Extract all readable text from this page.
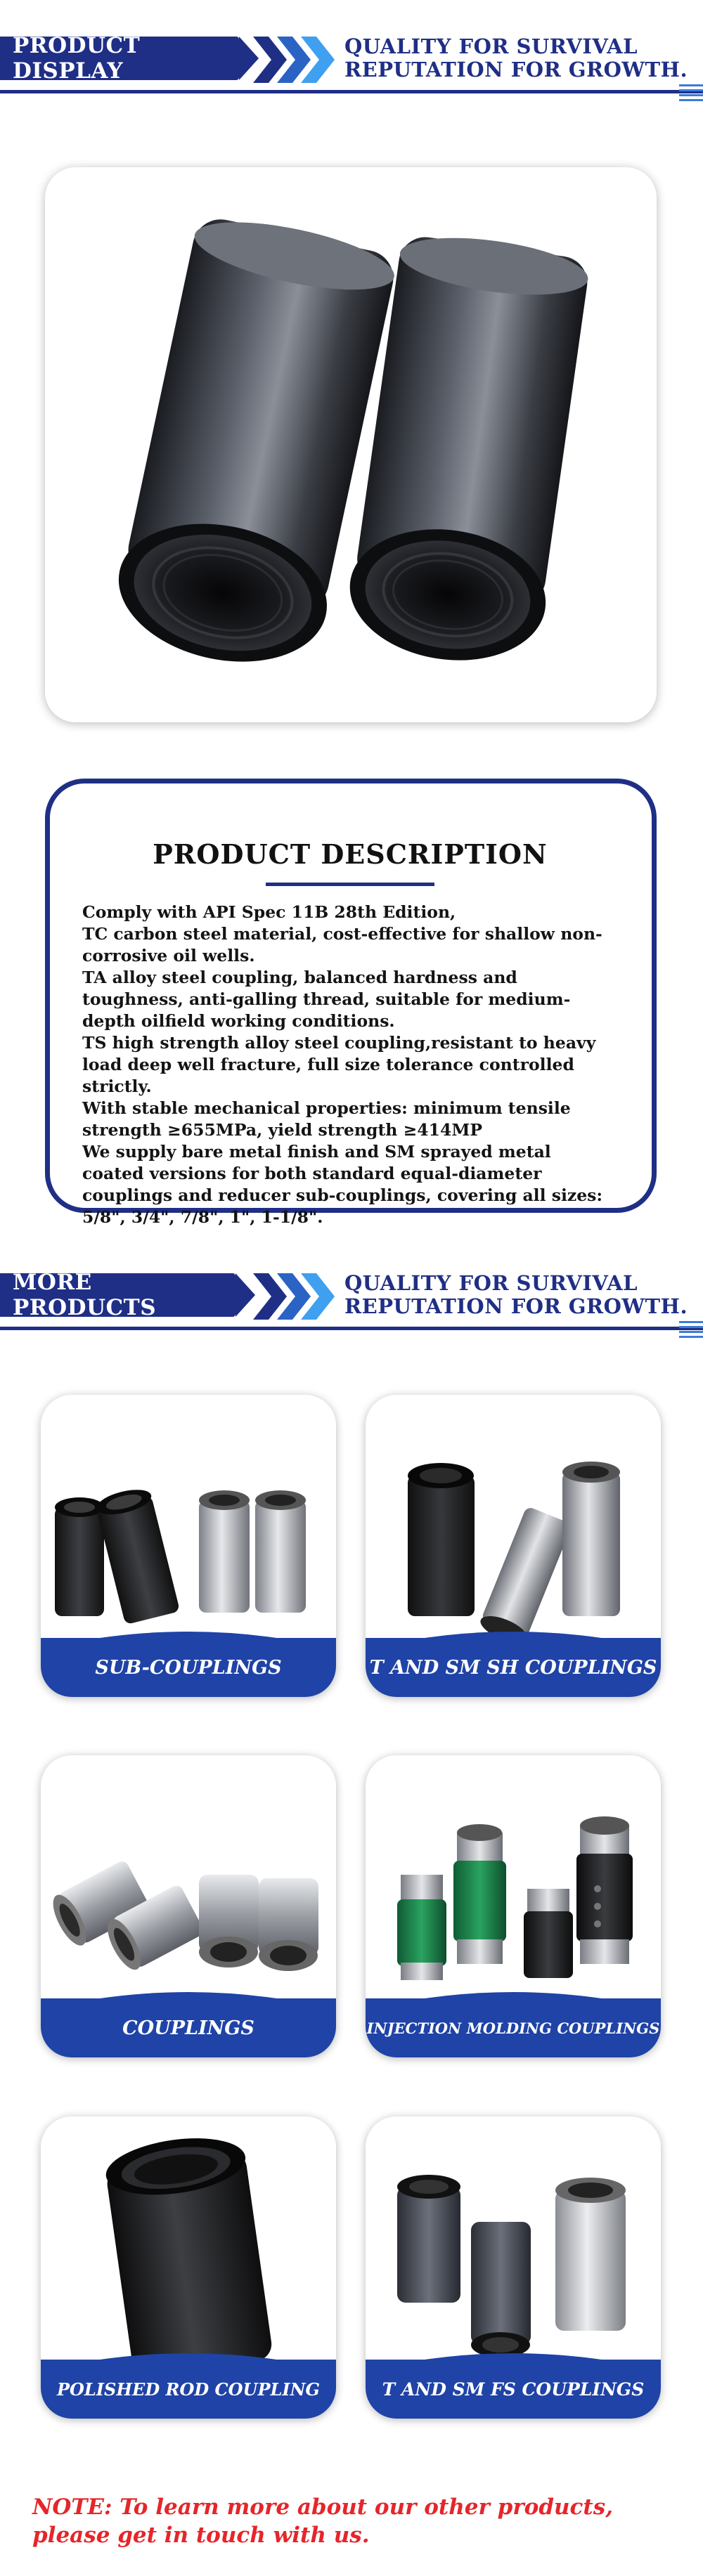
PRODUCT DISPLAY
QUALITY FOR SURVIVAL
REPUTATION FOR GROWTH.
PRODUCT DESCRIPTION

Comply with API Spec 11B 28th Edition,

TC carbon steel material, cost-effective for shallow non-corrosive oil wells.

TA alloy steel coupling, balanced hardness and toughness, anti-galling thread, suitable for medium-depth oilfield working conditions.

TS high strength alloy steel coupling,resistant to heavy load deep well fracture, full size tolerance controlled strictly.

With stable mechanical properties: minimum tensile strength ≥655MPa, yield strength ≥414MP

We supply bare metal finish and SM sprayed metal coated versions for both standard equal-diameter couplings and reducer sub-couplings, covering all sizes: 5/8", 3/4", 7/8", 1", 1-1/8".

MORE PRODUCTS
QUALITY FOR SURVIVAL
REPUTATION FOR GROWTH.
SUB-COUPLINGS	T AND SM SH COUPLINGS
COUPLINGS	INJECTION MOLDING COUPLINGS
POLISHED ROD COUPLING	T AND SM FS COUPLINGS
NOTE: To learn more about our other products, please get in touch with us.
